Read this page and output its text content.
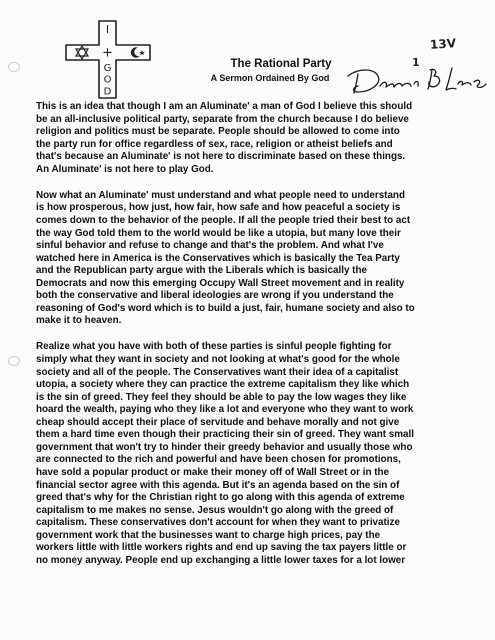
I
+
G
O
D
The Rational Party
A Sermon Ordained By God
13V
1

This is an idea that though I am an Aluminate' a man of God I believe this should
be an all-inclusive political party, separate from the church because I do believe
religion and politics must be separate. People should be allowed to come into
the party run for office regardless of sex, race, religion or atheist beliefs and
that's because an Aluminate' is not here to discriminate based on these things.
An Aluminate' is not here to play God.

Now what an Aluminate' must understand and what people need to understand
is how prosperous, how just, how fair, how safe and how peaceful a society is
comes down to the behavior of the people. If all the people tried their best to act
the way God told them to the world would be like a utopia, but many love their
sinful behavior and refuse to change and that's the problem. And what I've
watched here in America is the Conservatives which is basically the Tea Party
and the Republican party argue with the Liberals which is basically the
Democrats and now this emerging Occupy Wall Street movement and in reality
both the conservative and liberal ideologies are wrong if you understand the
reasoning of God's word which is to build a just, fair, humane society and also to
make it to heaven.

Realize what you have with both of these parties is sinful people fighting for
simply what they want in society and not looking at what's good for the whole
society and all of the people. The Conservatives want their idea of a capitalist
utopia, a society where they can practice the extreme capitalism they like which
is the sin of greed. They feel they should be able to pay the low wages they like
hoard the wealth, paying who they like a lot and everyone who they want to work
cheap should accept their place of servitude and behave morally and not give
them a hard time even though their practicing their sin of greed. They want small
government that won't try to hinder their greedy behavior and usually those who
are connected to the rich and powerful and have been chosen for promotions,
have sold a popular product or make their money off of Wall Street or in the
financial sector agree with this agenda. But it's an agenda based on the sin of
greed that's why for the Christian right to go along with this agenda of extreme
capitalism to me makes no sense. Jesus wouldn't go along with the greed of
capitalism. These conservatives don't account for when they want to privatize
government work that the businesses want to charge high prices, pay the
workers little with little workers rights and end up saving the tax payers little or
no money anyway. People end up exchanging a little lower taxes for a lot lower
